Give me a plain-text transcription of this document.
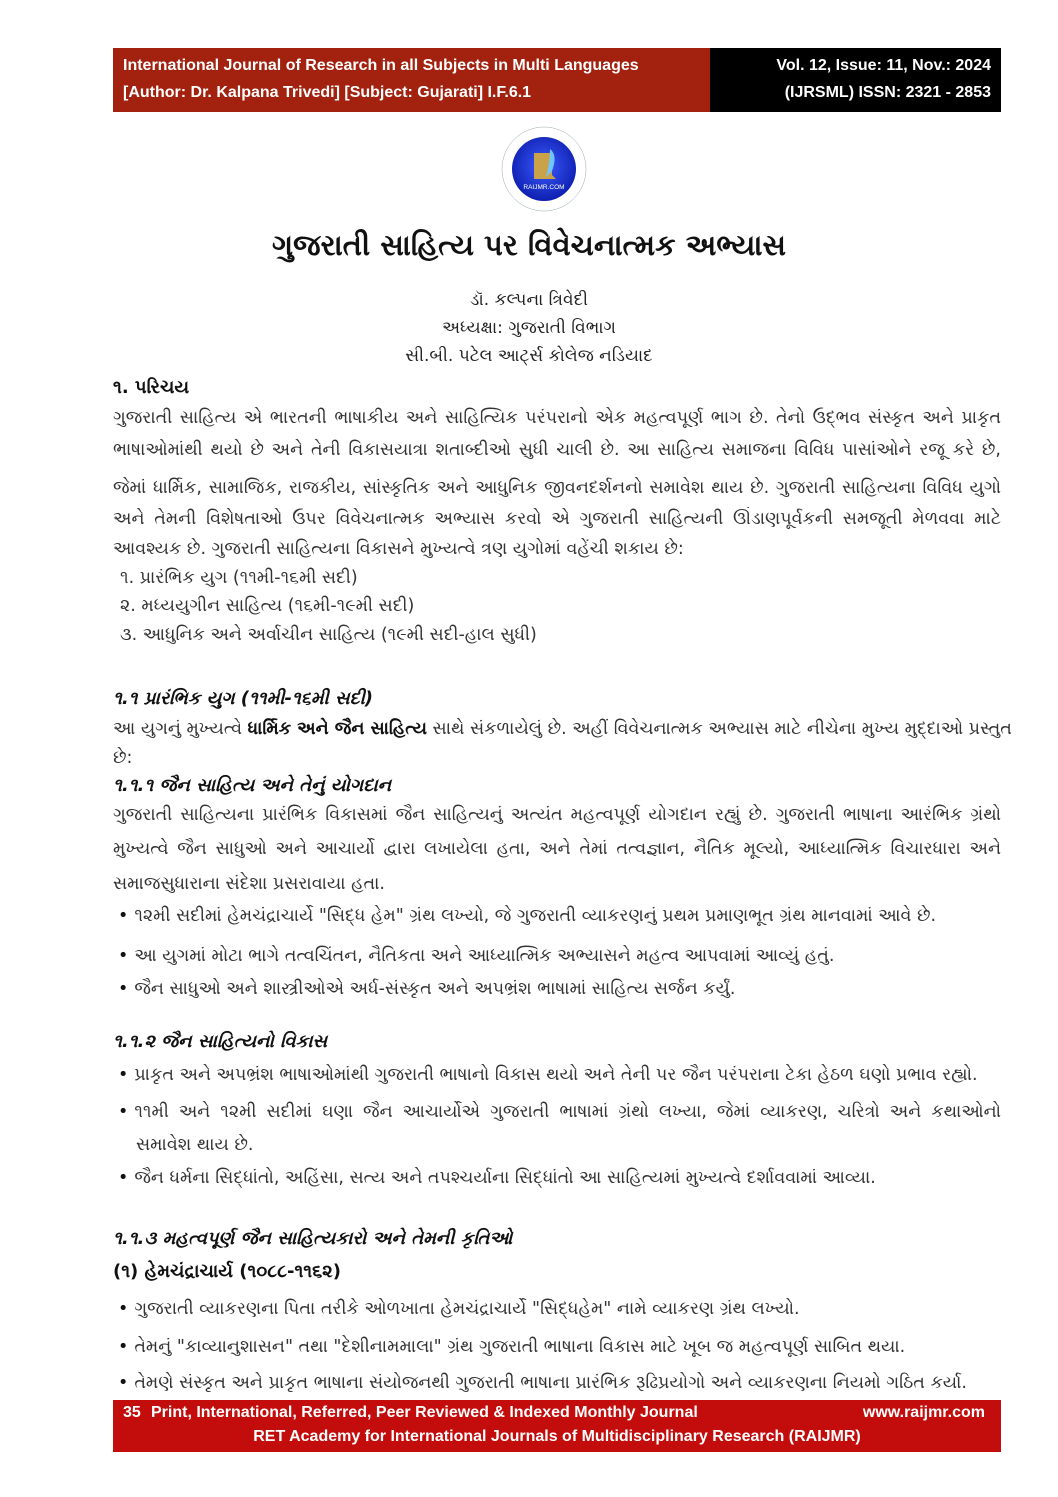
International Journal of Research in all Subjects in Multi Languages
[Author: Dr. Kalpana Trivedi] [Subject: Gujarati] I.F.6.1
Vol. 12, Issue: 11, Nov.: 2024
(IJRSML) ISSN: 2321 - 2853
RAIJMR.COM
ગુજરાતી સાહિત્ય પર વિવેચનાત્મક અભ્યાસ
ડૉ. કલ્પના ત્રિવેદી
અધ્યક્ષા: ગુજરાતી વિભાગ
સી.બી. પટેલ આર્ટ્સ કોલેજ નડિયાદ
૧. પરિચય
ગુજરાતી સાહિત્ય એ ભારતની ભાષાકીય અને સાહિત્યિક પરંપરાનો એક મહત્વપૂર્ણ ભાગ છે. તેનો ઉદ્‌ભવ સંસ્કૃત અને પ્રાકૃત
ભાષાઓમાંથી થયો છે અને તેની વિકાસયાત્રા શતાબ્દીઓ સુધી ચાલી છે. આ સાહિત્ય સમાજના વિવિધ પાસાંઓને રજૂ કરે છે,
જેમાં ધાર્મિક, સામાજિક, રાજકીય, સાંસ્કૃતિક અને આધુનિક જીવનદર્શનનો સમાવેશ થાય છે. ગુજરાતી સાહિત્યના વિવિધ યુગો
અને તેમની વિશેષતાઓ ઉપર વિવેચનાત્મક અભ્યાસ કરવો એ ગુજરાતી સાહિત્યની ઊંડાણપૂર્વકની સમજૂતી મેળવવા માટે
આવશ્યક છે. ગુજરાતી સાહિત્યના વિકાસને મુખ્યત્વે ત્રણ યુગોમાં વહેંચી શકાય છે:
૧. પ્રારંભિક યુગ (૧૧મી-૧૬મી સદી)
૨. મધ્યયુગીન સાહિત્ય (૧૬મી-૧૯મી સદી)
૩. આધુનિક અને અર્વાચીન સાહિત્ય (૧૯મી સદી-હાલ સુધી)
૧.૧ પ્રારંભિક યુગ (૧૧મી-૧૬મી સદી)
આ યુગનું મુખ્યત્વે ધાર્મિક અને જૈન સાહિત્ય સાથે સંકળાયેલું છે. અહીં વિવેચનાત્મક અભ્યાસ માટે નીચેના મુખ્ય મુદ્દાઓ પ્રસ્તુત
છે:
૧.૧.૧ જૈન સાહિત્ય અને તેનું યોગદાન
ગુજરાતી સાહિત્યના પ્રારંભિક વિકાસમાં જૈન સાહિત્યનું અત્યંત મહત્વપૂર્ણ યોગદાન રહ્યું છે. ગુજરાતી ભાષાના આરંભિક ગ્રંથો
મુખ્યત્વે જૈન સાધુઓ અને આચાર્યો દ્વારા લખાયેલા હતા, અને તેમાં તત્વજ્ઞાન, નૈતિક મૂલ્યો, આધ્યાત્મિક વિચારધારા અને
સમાજસુધારાના સંદેશા પ્રસરાવાયા હતા.
• ૧૨મી સદીમાં હેમચંદ્રાચાર્યે "સિદ્ધ હેમ" ગ્રંથ લખ્યો, જે ગુજરાતી વ્યાકરણનું પ્રથમ પ્રમાણભૂત ગ્રંથ માનવામાં આવે છે.
• આ યુગમાં મોટા ભાગે તત્વચિંતન, નૈતિકતા અને આધ્યાત્મિક અભ્યાસને મહત્વ આપવામાં આવ્યું હતું.
• જૈન સાધુઓ અને શાસ્ત્રીઓએ અર્ધ-સંસ્કૃત અને અપભ્રંશ ભાષામાં સાહિત્ય સર્જન કર્યું.
૧.૧.૨ જૈન સાહિત્યનો વિકાસ
• પ્રાકૃત અને અપભ્રંશ ભાષાઓમાંથી ગુજરાતી ભાષાનો વિકાસ થયો અને તેની પર જૈન પરંપરાના ટેકા હેઠળ ઘણો પ્રભાવ રહ્યો.
• ૧૧મી અને ૧૨મી સદીમાં ઘણા જૈન આચાર્યોએ ગુજરાતી ભાષામાં ગ્રંથો લખ્યા, જેમાં વ્યાકરણ, ચરિત્રો અને કથાઓનો
સમાવેશ થાય છે.
• જૈન ધર્મના સિદ્ધાંતો, અહિંસા, સત્ય અને તપશ્ચર્યાના સિદ્ધાંતો આ સાહિત્યમાં મુખ્યત્વે દર્શાવવામાં આવ્યા.
૧.૧.૩ મહત્વપૂર્ણ જૈન સાહિત્યકારો અને તેમની કૃતિઓ
(૧) હેમચંદ્રાચાર્ય (૧૦૮૮-૧૧૬૨)
• ગુજરાતી વ્યાકરણના પિતા તરીકે ઓળખાતા હેમચંદ્રાચાર્યે "સિદ્ધહેમ" નામે વ્યાકરણ ગ્રંથ લખ્યો.
• તેમનું "કાવ્યાનુશાસન" તથા "દેશીનામમાલા" ગ્રંથ ગુજરાતી ભાષાના વિકાસ માટે ખૂબ જ મહત્વપૂર્ણ સાબિત થયા.
• તેમણે સંસ્કૃત અને પ્રાકૃત ભાષાના સંયોજનથી ગુજરાતી ભાષાના પ્રારંભિક રૂઢિપ્રયોગો અને વ્યાકરણના નિયમો ગઠિત કર્યા.
35 Print, International, Referred, Peer Reviewed & Indexed Monthly Journal	www.raijmr.com
RET Academy for International Journals of Multidisciplinary Research (RAIJMR)
